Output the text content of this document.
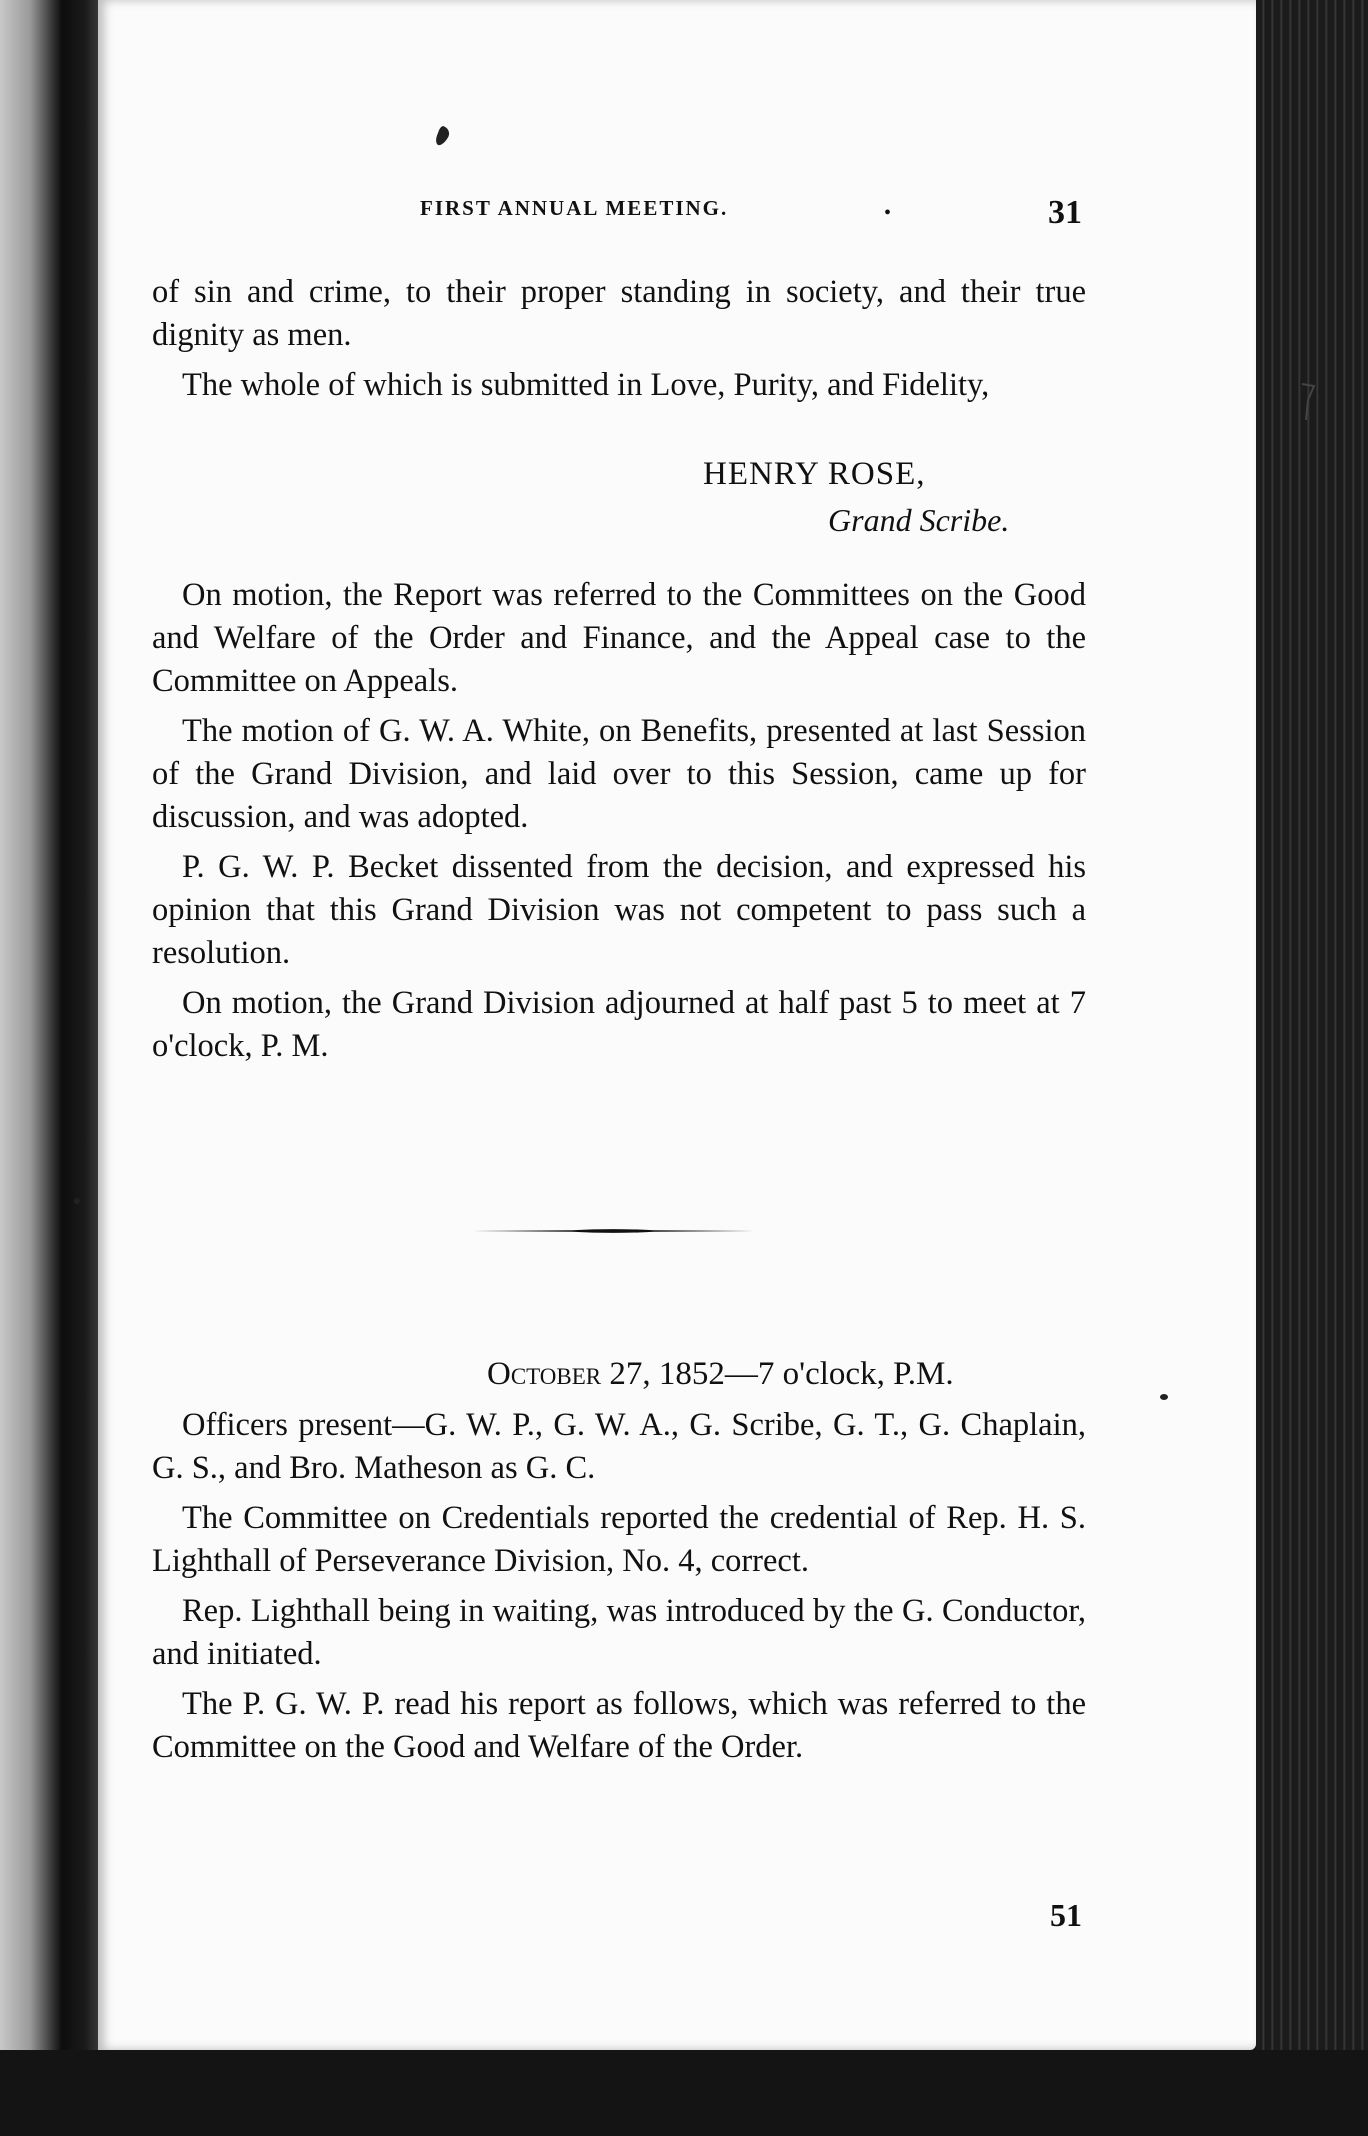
FIRST ANNUAL MEETING.	•	31

of sin and crime, to their proper standing in society, and their true dignity as men.

The whole of which is submitted in Love, Purity, and Fidelity,

HENRY ROSE,
Grand Scribe.

On motion, the Report was referred to the Committees on the Good and Welfare of the Order and Finance, and the Appeal case to the Committee on Appeals.

The motion of G. W. A. White, on Benefits, presented at last Session of the Grand Division, and laid over to this Session, came up for discussion, and was adopted.

P. G. W. P. Becket dissented from the decision, and expressed his opinion that this Grand Division was not competent to pass such a resolution.

On motion, the Grand Division adjourned at half past 5 to meet at 7 o'clock, P. M.

October 27, 1852—7 o'clock, P.M.

Officers present—G. W. P., G. W. A., G. Scribe, G. T., G. Chaplain, G. S., and Bro. Matheson as G. C.

The Committee on Credentials reported the credential of Rep. H. S. Lighthall of Perseverance Division, No. 4, correct.

Rep. Lighthall being in waiting, was introduced by the G. Conductor, and initiated.

The P. G. W. P. read his report as follows, which was referred to the Committee on the Good and Welfare of the Order.

51
